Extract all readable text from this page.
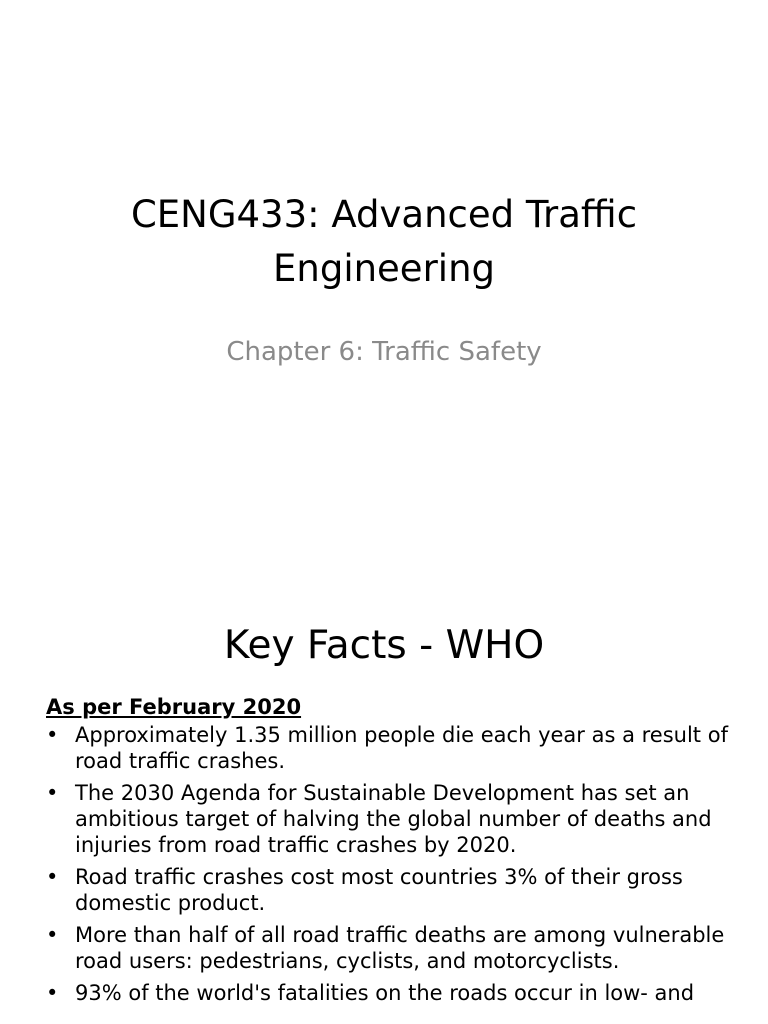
CENG433: Advanced Traffic
Engineering

Chapter 6: Traffic Safety

Key Facts - WHO

As per February 2020

• Approximately 1.35 million people die each year as a result of road traffic crashes.
• The 2030 Agenda for Sustainable Development has set an ambitious target of halving the global number of deaths and injuries from road traffic crashes by 2020.
• Road traffic crashes cost most countries 3% of their gross domestic product.
• More than half of all road traffic deaths are among vulnerable road users: pedestrians, cyclists, and motorcyclists.
• 93% of the world's fatalities on the roads occur in low- and
